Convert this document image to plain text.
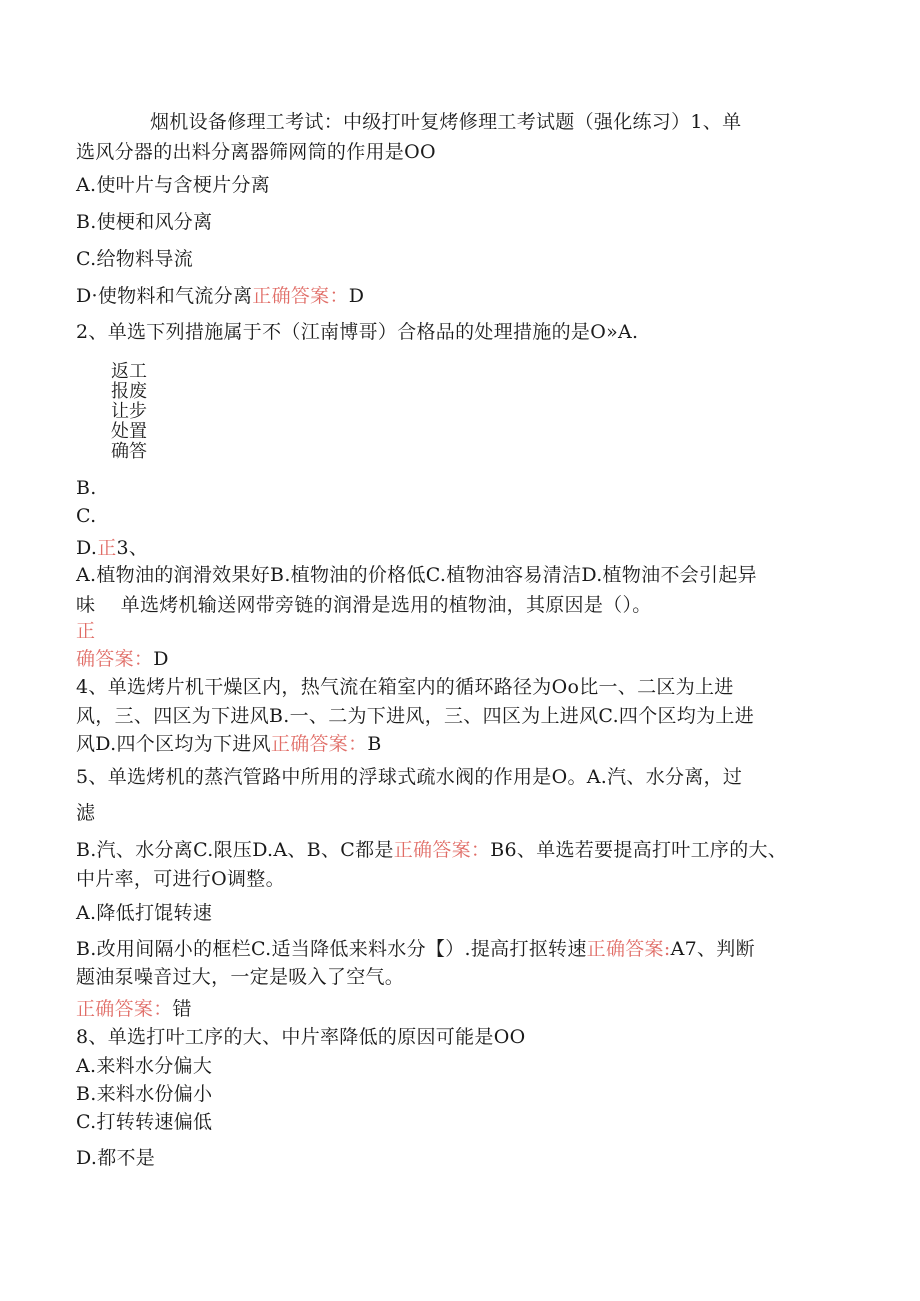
烟机设备修理工考试：中级打叶复烤修理工考试题（强化练习）1、单
选风分器的出料分离器筛网筒的作用是OO
A.使叶片与含梗片分离
B.使梗和风分离
C.给物料导流
D·使物料和气流分离正确答案：D
2、单选下列措施属于不（江南博哥）合格品的处理措施的是O»A.
返工
报废
让步
处置
确答
B.
C.
D.正3、
A.植物油的润滑效果好B.植物油的价格低C.植物油容易清洁D.植物油不会引起异
味    单选烤机输送网带旁链的润滑是选用的植物油，其原因是（）。
正
确答案：D
4、单选烤片机干燥区内，热气流在箱室内的循环路径为Oo比一、二区为上进
风，三、四区为下进风B.一、二为下进风，三、四区为上进风C.四个区均为上进
风D.四个区均为下进风正确答案：B
5、单选烤机的蒸汽管路中所用的浮球式疏水阀的作用是O。A.汽、水分离，过
滤
B.汽、水分离C.限压D.A、B、C都是正确答案：B6、单选若要提高打叶工序的大、
中片率，可进行O调整。
A.降低打馄转速
B.改用间隔小的框栏C.适当降低来料水分【）.提高打抠转速正确答案:A7、判断
题油泵噪音过大，一定是吸入了空气。
正确答案：错
8、单选打叶工序的大、中片率降低的原因可能是OO
A.来料水分偏大
B.来料水份偏小
C.打转转速偏低
D.都不是
